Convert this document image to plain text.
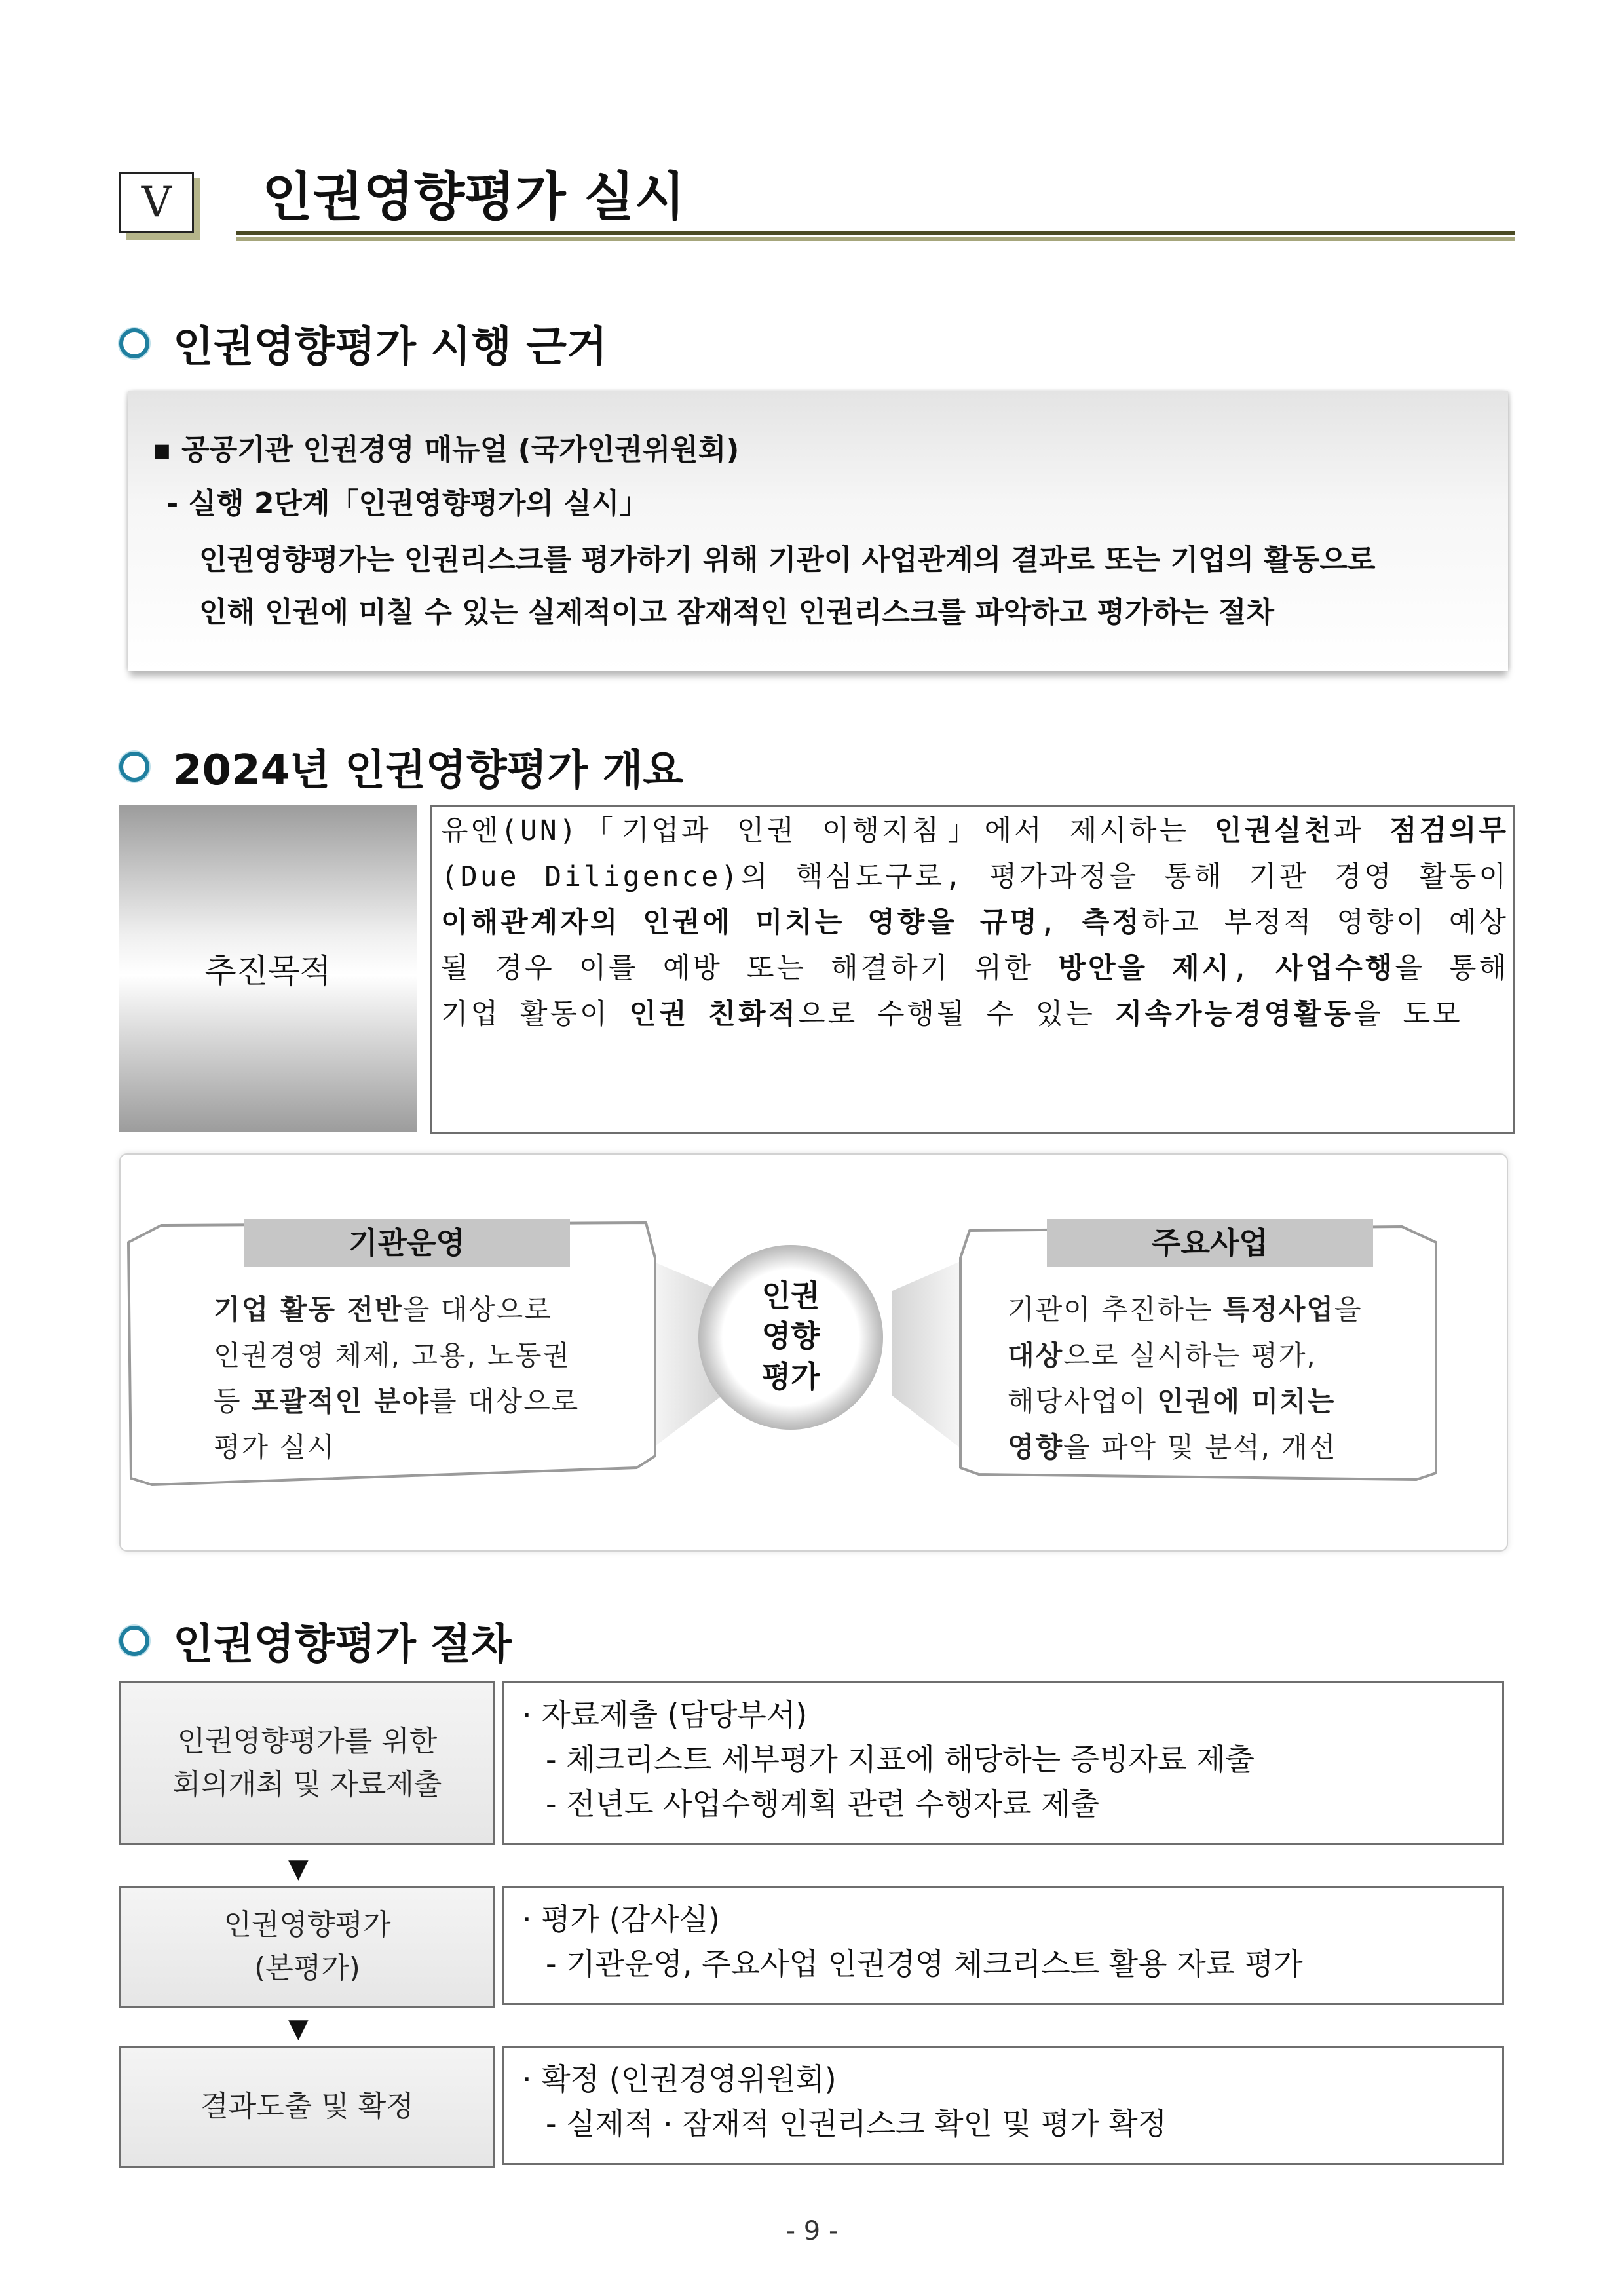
V	인권영향평가 실시
인권영향평가 시행 근거
▪ 공공기관 인권경영 매뉴얼 (국가인권위원회)
- 실행 2단계「인권영향평가의 실시」
인권영향평가는 인권리스크를 평가하기 위해 기관이 사업관계의 결과로 또는 기업의 활동으로
인해 인권에 미칠 수 있는 실제적이고 잠재적인 인권리스크를 파악하고 평가하는 절차
2024년 인권영향평가 개요
추진목적
유엔(UN)「기업과 인권 이행지침」에서 제시하는 인권실천과 점검의무(Due Diligence)의 핵심도구로, 평가과정을 통해 기관 경영 활동이 이해관계자의 인권에 미치는 영향을 규명, 측정하고 부정적 영향이 예상될 경우 이를 예방 또는 해결하기 위한 방안을 제시, 사업수행을 통해 기업 활동이 인권 친화적으로 수행될 수 있는 지속가능경영활동을 도모
기관운영	주요사업
기업 활동 전반을 대상으로
인권경영 체제, 고용, 노동권
등 포괄적인 분야를 대상으로
평가 실시
기관이 추진하는 특정사업을
대상으로 실시하는 평가,
해당사업이 인권에 미치는
영향을 파악 및 분석, 개선
인권
영향
평가
인권영향평가 절차
인권영향평가를 위한
회의개최 및 자료제출
· 자료제출 (담당부서)
- 체크리스트 세부평가 지표에 해당하는 증빙자료 제출
- 전년도 사업수행계획 관련 수행자료 제출
▼
인권영향평가
(본평가)
· 평가 (감사실)
- 기관운영, 주요사업 인권경영 체크리스트 활용 자료 평가
▼
결과도출 및 확정
· 확정 (인권경영위원회)
- 실제적 · 잠재적 인권리스크 확인 및 평가 확정
- 9 -
